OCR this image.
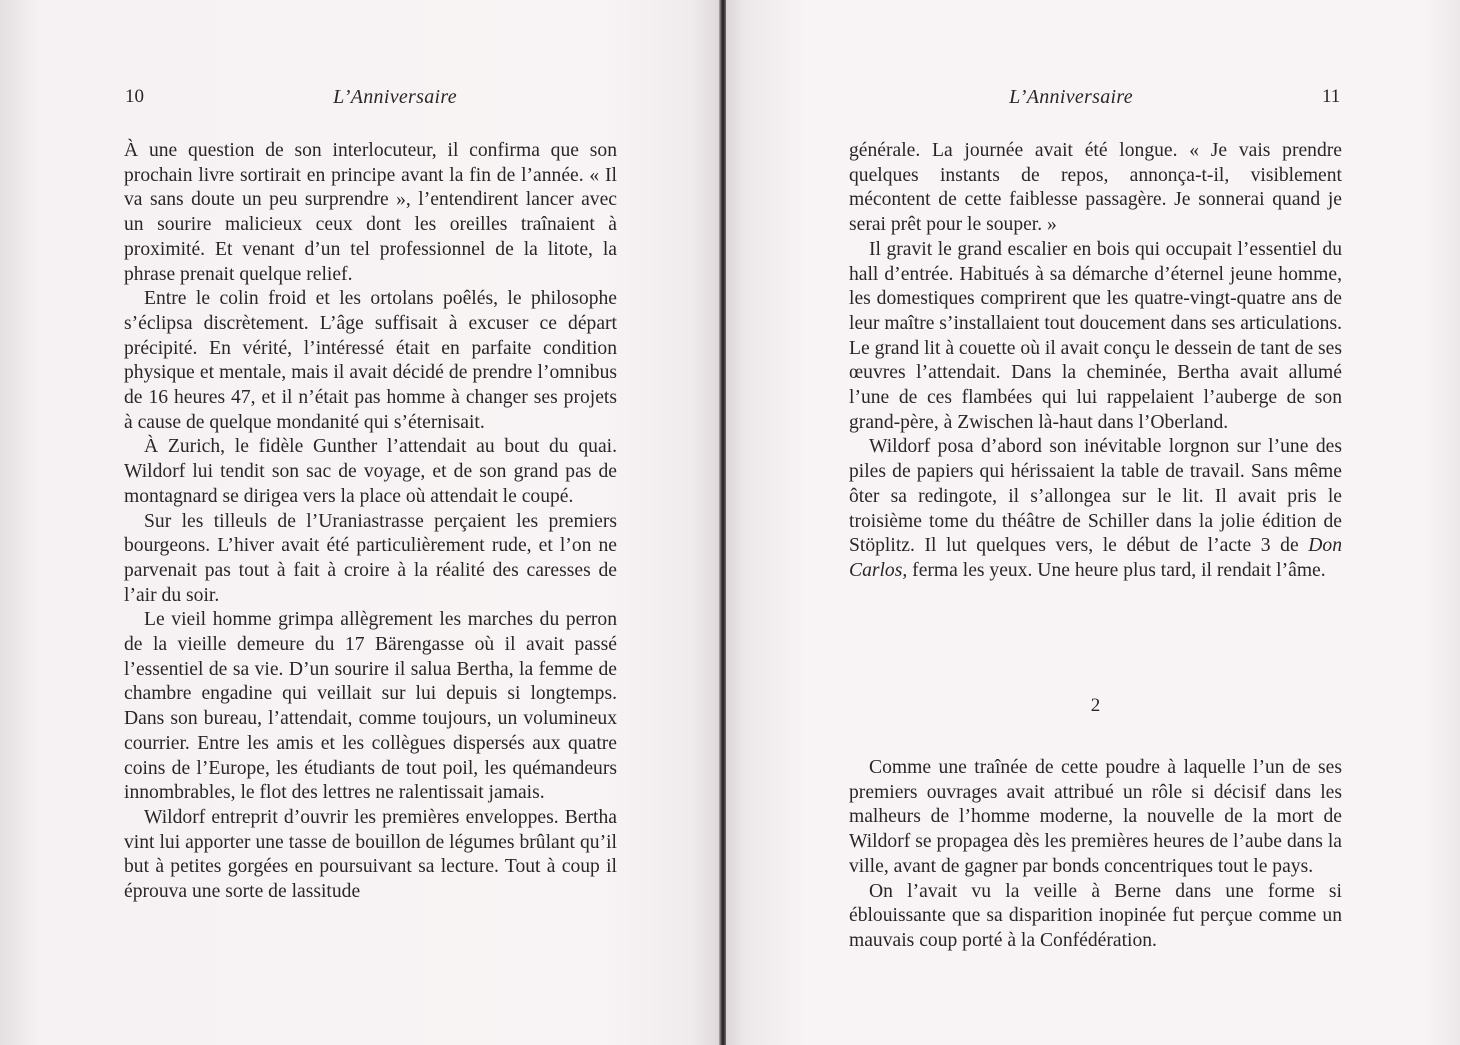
10	L’Anniversaire

À une question de son interlocuteur, il confirma que son prochain livre sortirait en principe avant la fin de l’année. « Il va sans doute un peu surprendre », l’entendirent lancer avec un sourire malicieux ceux dont les oreilles traînaient à proximité. Et venant d’un tel professionnel de la litote, la phrase prenait quelque relief.

Entre le colin froid et les ortolans poêlés, le philosophe s’éclipsa discrètement. L’âge suffisait à excuser ce départ précipité. En vérité, l’intéressé était en parfaite condition physique et mentale, mais il avait décidé de prendre l’omnibus de 16 heures 47, et il n’était pas homme à changer ses projets à cause de quelque mondanité qui s’éternisait.

À Zurich, le fidèle Gunther l’attendait au bout du quai. Wildorf lui tendit son sac de voyage, et de son grand pas de montagnard se dirigea vers la place où attendait le coupé.

Sur les tilleuls de l’Uraniastrasse perçaient les premiers bourgeons. L’hiver avait été particulièrement rude, et l’on ne parvenait pas tout à fait à croire à la réalité des caresses de l’air du soir.

Le vieil homme grimpa allègrement les marches du perron de la vieille demeure du 17 Bärengasse où il avait passé l’essentiel de sa vie. D’un sourire il salua Bertha, la femme de chambre engadine qui veillait sur lui depuis si longtemps. Dans son bureau, l’attendait, comme toujours, un volumineux courrier. Entre les amis et les collègues dispersés aux quatre coins de l’Europe, les étudiants de tout poil, les quémandeurs innombrables, le flot des lettres ne ralentissait jamais.

Wildorf entreprit d’ouvrir les premières enveloppes. Bertha vint lui apporter une tasse de bouillon de légumes brûlant qu’il but à petites gorgées en poursuivant sa lecture. Tout à coup il éprouva une sorte de lassitude

L’Anniversaire	11

générale. La journée avait été longue. « Je vais prendre quelques instants de repos, annonça-t-il, visiblement mécontent de cette faiblesse passagère. Je sonnerai quand je serai prêt pour le souper. »

Il gravit le grand escalier en bois qui occupait l’essentiel du hall d’entrée. Habitués à sa démarche d’éternel jeune homme, les domestiques comprirent que les quatre-vingt-quatre ans de leur maître s’installaient tout doucement dans ses articulations. Le grand lit à couette où il avait conçu le dessein de tant de ses œuvres l’attendait. Dans la cheminée, Bertha avait allumé l’une de ces flambées qui lui rappelaient l’auberge de son grand-père, à Zwischen là-haut dans l’Oberland.

Wildorf posa d’abord son inévitable lorgnon sur l’une des piles de papiers qui hérissaient la table de travail. Sans même ôter sa redingote, il s’allongea sur le lit. Il avait pris le troisième tome du théâtre de Schiller dans la jolie édition de Stöplitz. Il lut quelques vers, le début de l’acte 3 de Don Carlos, ferma les yeux. Une heure plus tard, il rendait l’âme.

2

Comme une traînée de cette poudre à laquelle l’un de ses premiers ouvrages avait attribué un rôle si décisif dans les malheurs de l’homme moderne, la nouvelle de la mort de Wildorf se propagea dès les premières heures de l’aube dans la ville, avant de gagner par bonds concentriques tout le pays.

On l’avait vu la veille à Berne dans une forme si éblouissante que sa disparition inopinée fut perçue comme un mauvais coup porté à la Confédération.
